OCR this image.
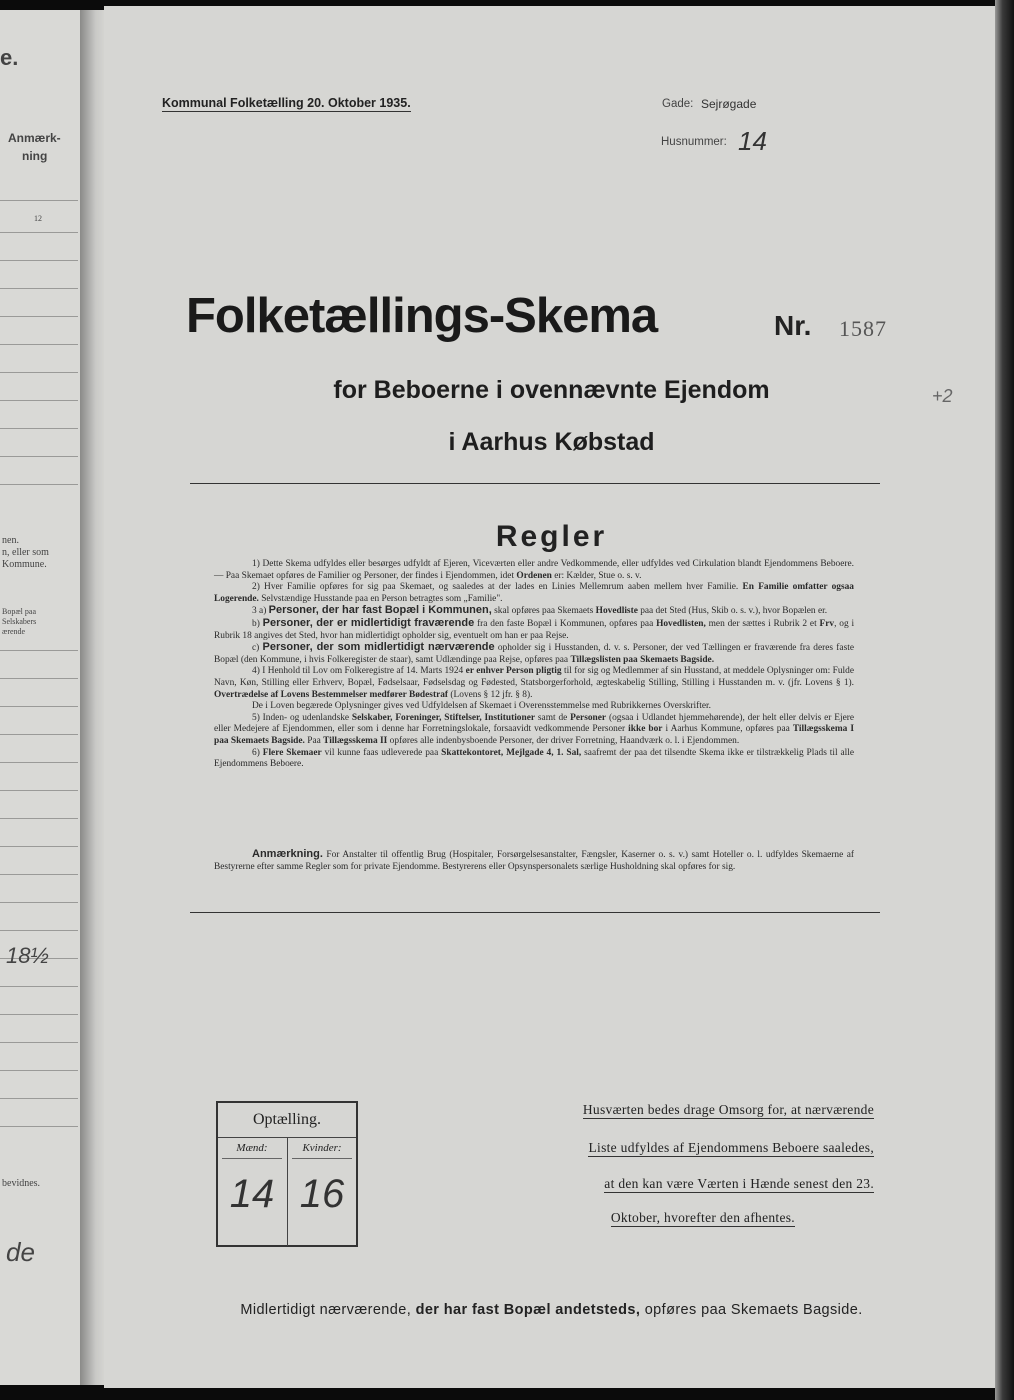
e.
Anmærk-
ning
12
nen.
n, eller som
Kommune.
Bopæl paa
Selskabers
ærende
18½
bevidnes.
de
Kommunal Folketælling 20. Oktober 1935.	Gade: Sejrøgade
Husnummer: 14
Folketællings-Skema	Nr. 1587
for Beboerne i ovennævnte Ejendom
i Aarhus Købstad
+2
Regler

1) Dette Skema udfyldes eller besørges udfyldt af Ejeren, Viceværten eller andre Vedkommende, eller udfyldes ved Cirkulation blandt Ejendommens Beboere. — Paa Skemaet opføres de Familier og Personer, der findes i Ejendommen, idet Ordenen er: Kælder, Stue o. s. v.

2) Hver Familie opføres for sig paa Skemaet, og saaledes at der lades en Linies Mellemrum aaben mellem hver Familie. En Familie omfatter ogsaa Logerende. Selvstændige Husstande paa en Person betragtes som „Familie".

3 a) Personer, der har fast Bopæl i Kommunen, skal opføres paa Skemaets Hovedliste paa det Sted (Hus, Skib o. s. v.), hvor Bopælen er.

b) Personer, der er midlertidigt fraværende fra den faste Bopæl i Kommunen, opføres paa Hovedlisten, men der sættes i Rubrik 2 et Frv, og i Rubrik 18 angives det Sted, hvor han midlertidigt opholder sig, eventuelt om han er paa Rejse.

c) Personer, der som midlertidigt nærværende opholder sig i Husstanden, d. v. s. Personer, der ved Tællingen er fraværende fra deres faste Bopæl (den Kommune, i hvis Folkeregister de staar), samt Udlændinge paa Rejse, opføres paa Tillægslisten paa Skemaets Bagside.

4) I Henhold til Lov om Folkeregistre af 14. Marts 1924 er enhver Person pligtig til for sig og Medlemmer af sin Husstand, at meddele Oplysninger om: Fulde Navn, Køn, Stilling eller Erhverv, Bopæl, Fødselsaar, Fødselsdag og Fødested, Statsborgerforhold, ægteskabelig Stilling, Stilling i Husstanden m. v. (jfr. Lovens § 1). Overtrædelse af Lovens Bestemmelser medfører Bødestraf (Lovens § 12 jfr. § 8).

De i Loven begærede Oplysninger gives ved Udfyldelsen af Skemaet i Overensstemmelse med Rubrikkernes Overskrifter.

5) Inden- og udenlandske Selskaber, Foreninger, Stiftelser, Institutioner samt de Personer (ogsaa i Udlandet hjemmehørende), der helt eller delvis er Ejere eller Medejere af Ejendommen, eller som i denne har Forretningslokale, forsaavidt vedkommende Personer ikke bor i Aarhus Kommune, opføres paa Tillægsskema I paa Skemaets Bagside. Paa Tillægsskema II opføres alle indenbysboende Personer, der driver Forretning, Haandværk o. l. i Ejendommen.

6) Flere Skemaer vil kunne faas udleverede paa Skattekontoret, Mejlgade 4, 1. Sal, saafremt der paa det tilsendte Skema ikke er tilstrækkelig Plads til alle Ejendommens Beboere.

Anmærkning. For Anstalter til offentlig Brug (Hospitaler, Forsørgelsesanstalter, Fængsler, Kaserner o. s. v.) samt Hoteller o. l. udfyldes Skemaerne af Bestyrerne efter samme Regler som for private Ejendomme. Bestyrerens eller Opsynspersonalets særlige Husholdning skal opføres for sig.

Optælling.
Mænd:
14
Kvinder:
16
Husværten bedes drage Omsorg for, at nærværende
Liste udfyldes af Ejendommens Beboere saaledes,
at den kan være Værten i Hænde senest den 23.
Oktober, hvorefter den afhentes.
Midlertidigt nærværende, der har fast Bopæl andetsteds, opføres paa Skemaets Bagside.
